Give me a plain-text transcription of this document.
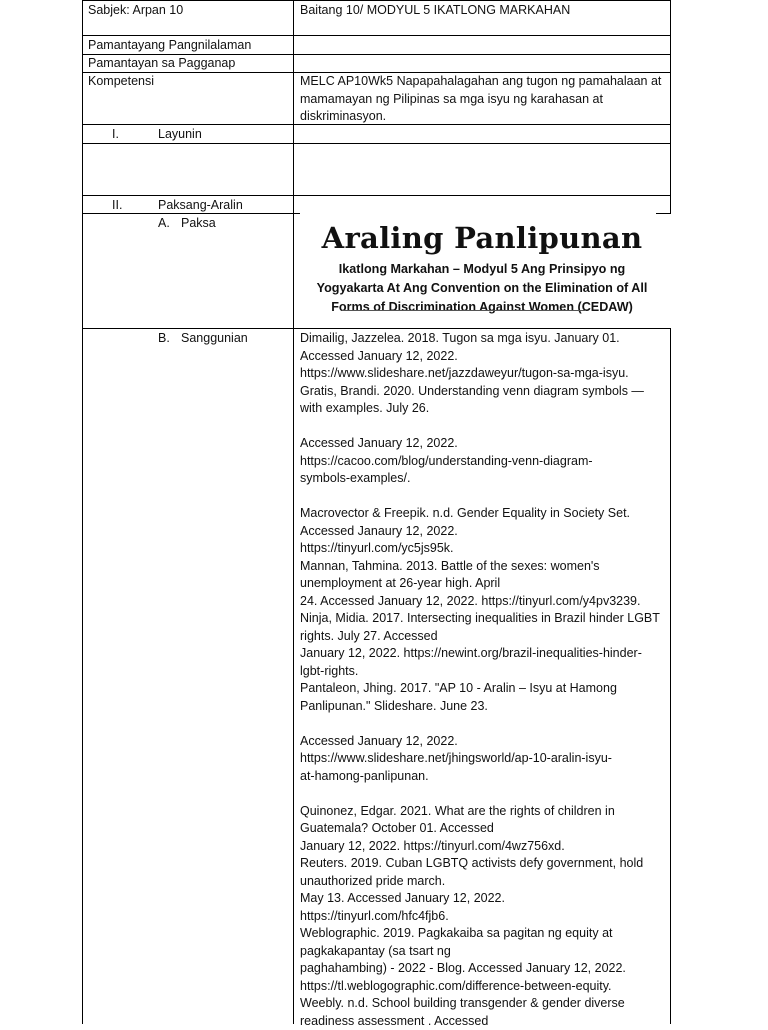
Sabjek: Arpan 10	Baitang 10/ MODYUL 5 IKATLONG MARKAHAN
Pamantayang Pangnilalaman
Pamantayan sa Pagganap
Kompetensi	MELC AP10Wk5 Napapahalagahan ang tugon ng pamahalaan at
mamamayan ng Pilipinas sa mga isyu ng karahasan at
diskriminasyon.
I.	Layunin
II.	Paksang-Aralin
A. Paksa	Araling Panlipunan
Ikatlong Markahan – Modyul 5 Ang Prinsipyo ng
Yogyakarta At Ang Convention on the Elimination of All
Forms of Discrimination Against Women (CEDAW)
B. Sanggunian	Dimailig, Jazzelea. 2018. Tugon sa mga isyu. January 01.
Accessed January 12, 2022.
https://www.slideshare.net/jazzdaweyur/tugon-sa-mga-isyu.
Gratis, Brandi. 2020. Understanding venn diagram symbols —
with examples. July 26.
Accessed January 12, 2022.
https://cacoo.com/blog/understanding-venn-diagram-
symbols-examples/.
Macrovector & Freepik. n.d. Gender Equality in Society Set.
Accessed Janaury 12, 2022.
https://tinyurl.com/yc5js95k.
Mannan, Tahmina. 2013. Battle of the sexes: women's
unemployment at 26-year high. April
24. Accessed January 12, 2022. https://tinyurl.com/y4pv3239.
Ninja, Midia. 2017. Intersecting inequalities in Brazil hinder LGBT
rights. July 27. Accessed
January 12, 2022. https://newint.org/brazil-inequalities-hinder-
lgbt-rights.
Pantaleon, Jhing. 2017. "AP 10 - Aralin – Isyu at Hamong
Panlipunan." Slideshare. June 23.
Accessed January 12, 2022.
https://www.slideshare.net/jhingsworld/ap-10-aralin-isyu-
at-hamong-panlipunan.
Quinonez, Edgar. 2021. What are the rights of children in
Guatemala? October 01. Accessed
January 12, 2022. https://tinyurl.com/4wz756xd.
Reuters. 2019. Cuban LGBTQ activists defy government, hold
unauthorized pride march.
May 13. Accessed January 12, 2022.
https://tinyurl.com/hfc4fjb6.
Weblographic. 2019. Pagkakaiba sa pagitan ng equity at
pagkakapantay (sa tsart ng
paghahambing) - 2022 - Blog. Accessed January 12, 2022.
https://tl.weblogographic.com/difference-between-equity.
Weebly. n.d. School building transgender & gender diverse
readiness assessment . Accessed
